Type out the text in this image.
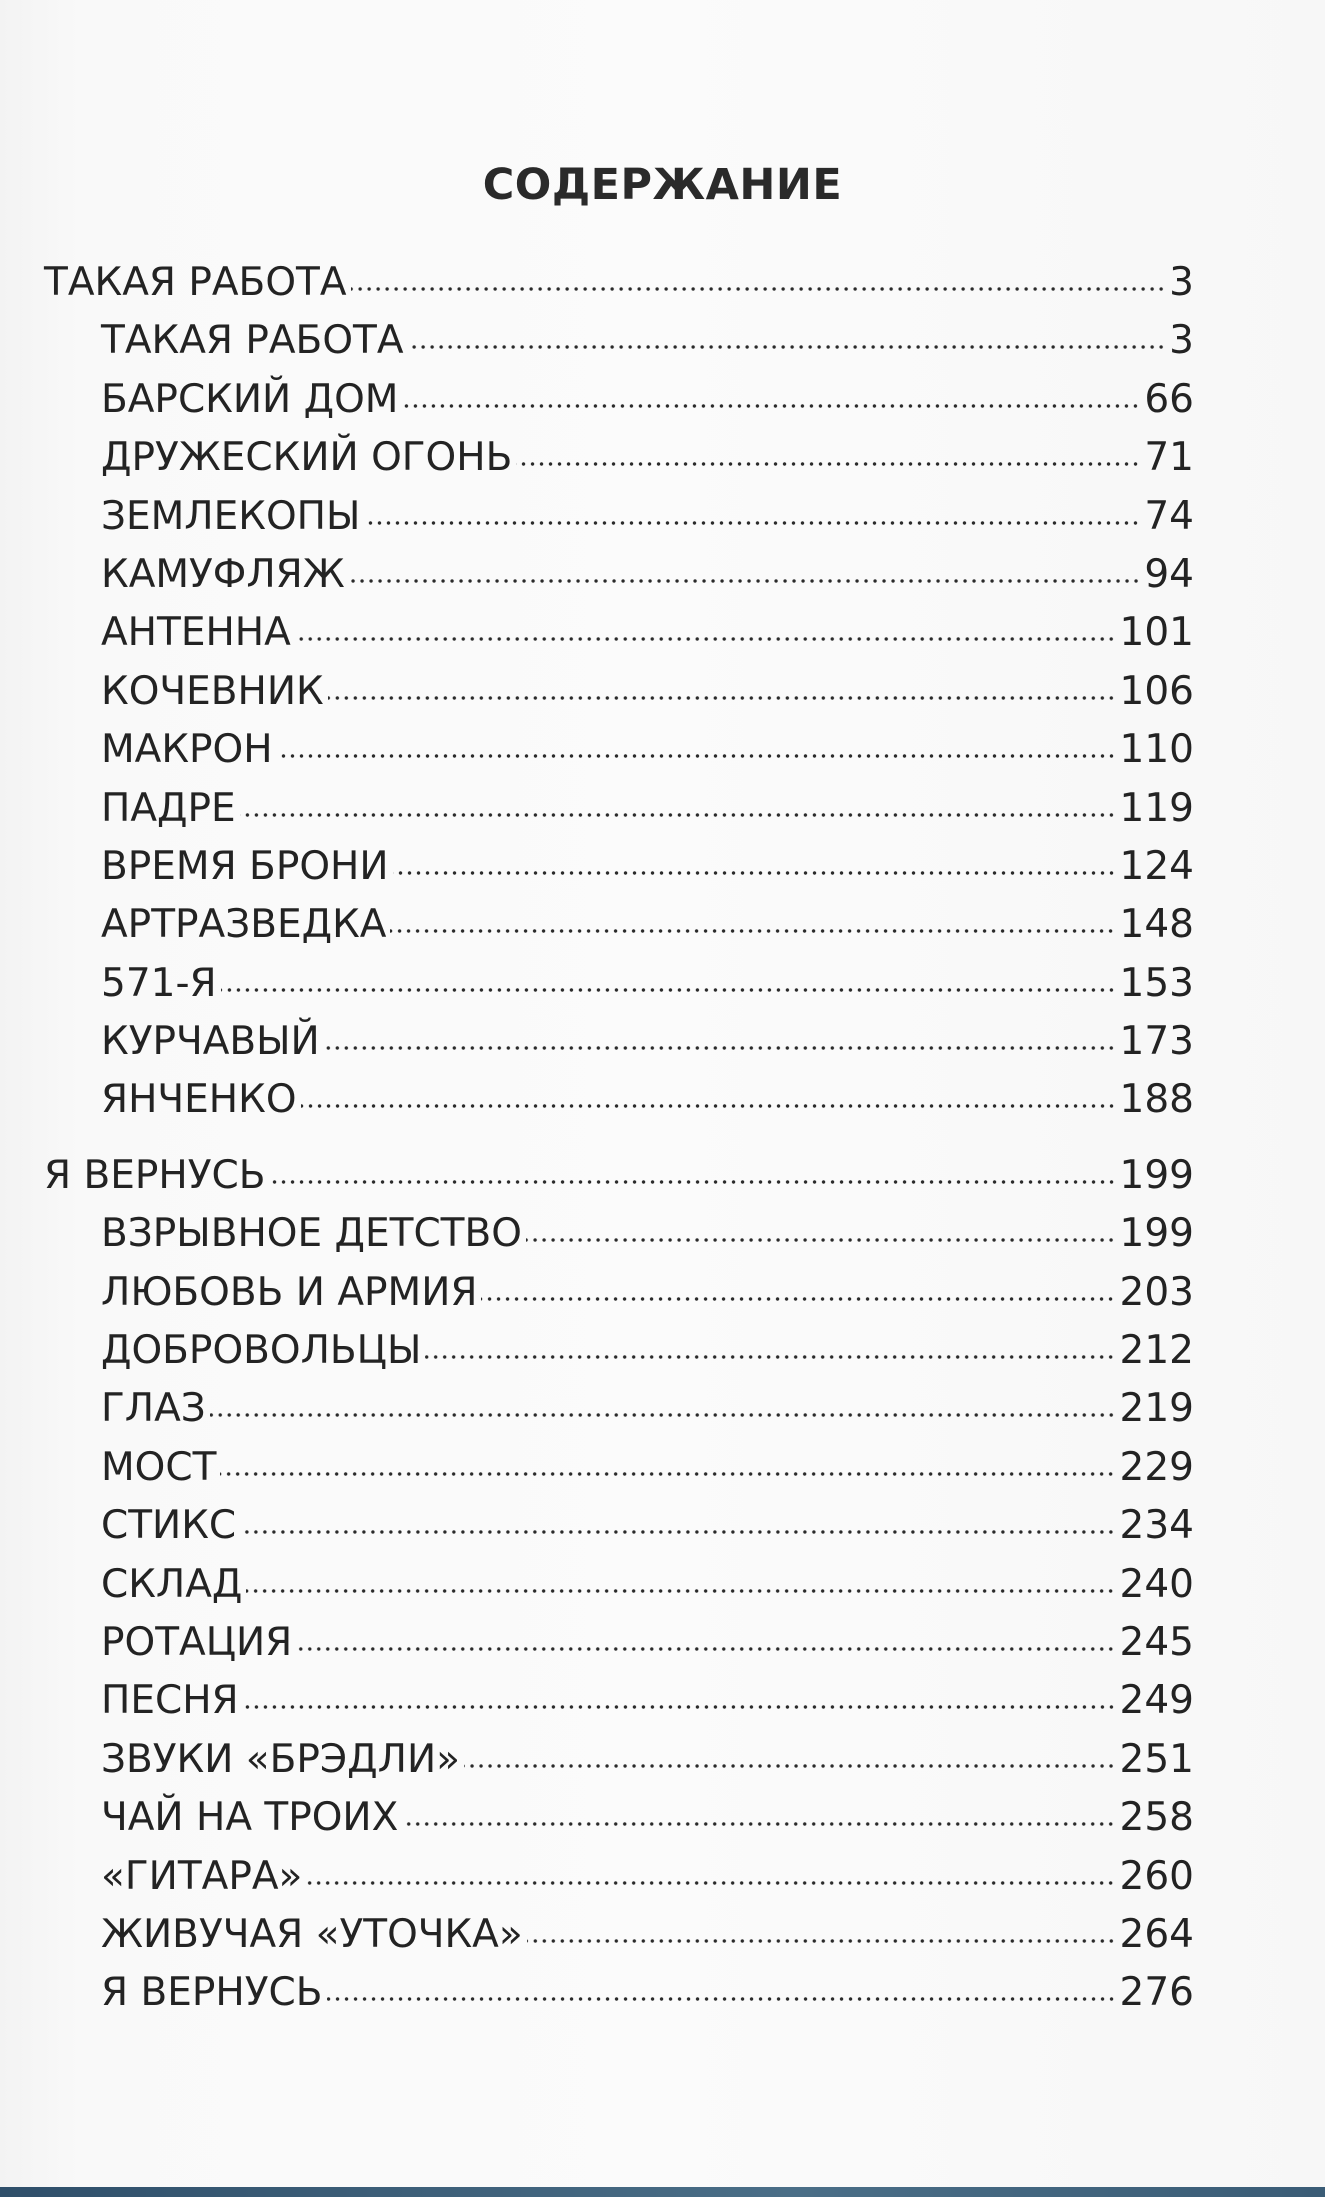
СОДЕРЖАНИЕ
ТАКАЯ РАБОТА	3
ТАКАЯ РАБОТА	3
БАРСКИЙ ДОМ	66
ДРУЖЕСКИЙ ОГОНЬ	71
ЗЕМЛЕКОПЫ	74
КАМУФЛЯЖ	94
АНТЕННА	101
КОЧЕВНИК	106
МАКРОН	110
ПАДРЕ	119
ВРЕМЯ БРОНИ	124
АРТРАЗВЕДКА	148
571-Я	153
КУРЧАВЫЙ	173
ЯНЧЕНКО	188
Я ВЕРНУСЬ	199
ВЗРЫВНОЕ ДЕТСТВО	199
ЛЮБОВЬ И АРМИЯ	203
ДОБРОВОЛЬЦЫ	212
ГЛАЗ	219
МОСТ	229
СТИКС	234
СКЛАД	240
РОТАЦИЯ	245
ПЕСНЯ	249
ЗВУКИ «БРЭДЛИ»	251
ЧАЙ НА ТРОИХ	258
«ГИТАРА»	260
ЖИВУЧАЯ «УТОЧКА»	264
Я ВЕРНУСЬ	276
